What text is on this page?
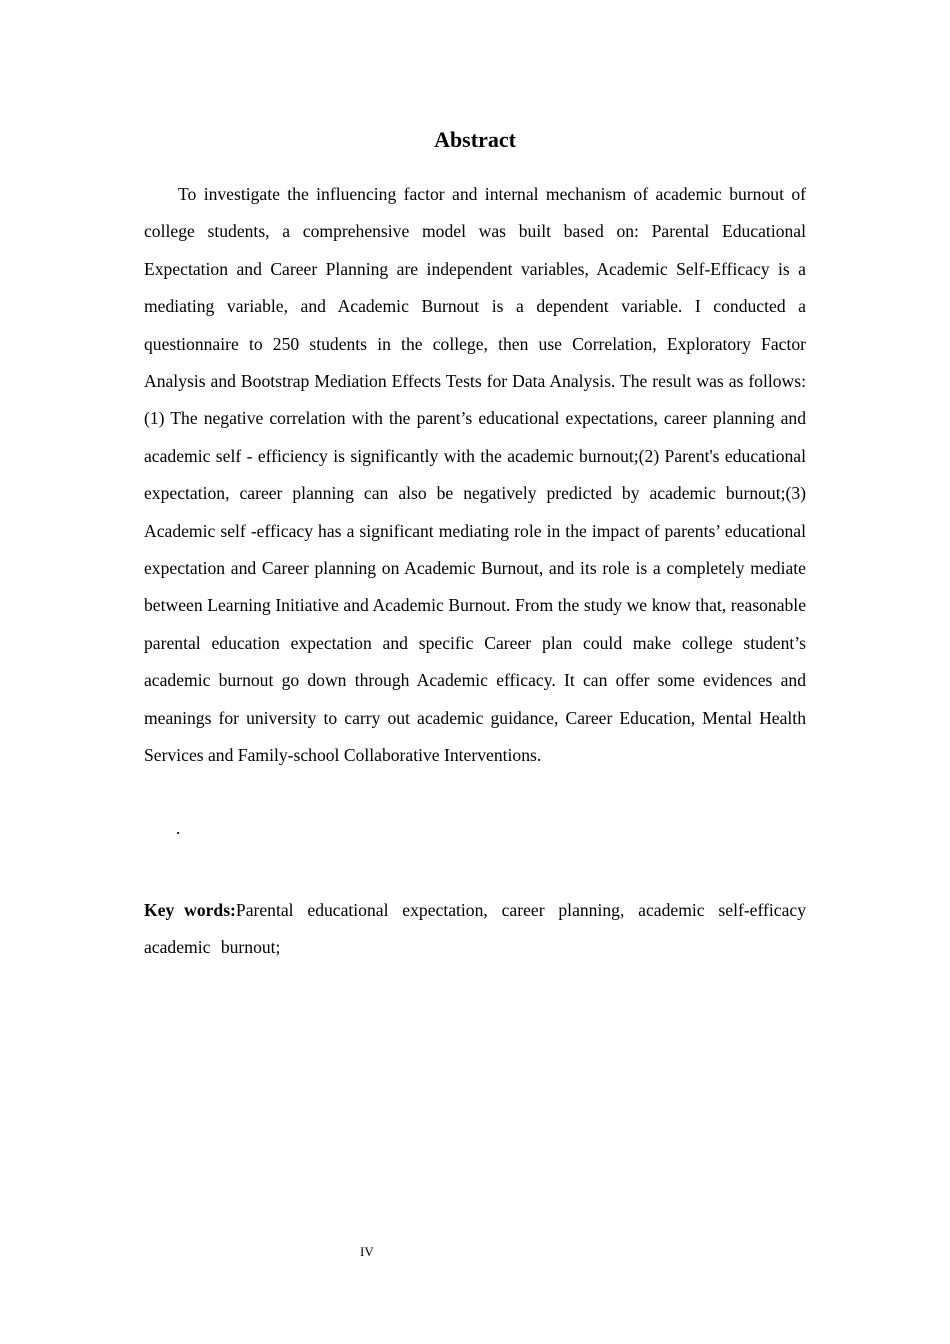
Abstract

To investigate the influencing factor and internal mechanism of academic burnout of college students, a comprehensive model was built based on: Parental Educational Expectation and Career Planning are independent variables, Academic Self-Efficacy is a mediating variable, and Academic Burnout is a dependent variable. I conducted a questionnaire to 250 students in the college, then use Correlation, Exploratory Factor Analysis and Bootstrap Mediation Effects Tests for Data Analysis. The result was as follows:(1) The negative correlation with the parent’s educational expectations, career planning and academic self - efficiency is significantly with the academic burnout;(2) Parent's educational expectation, career planning can also be negatively predicted by academic burnout;(3) Academic self -efficacy has a significant mediating role in the impact of parents’ educational expectation and Career planning on Academic Burnout, and its role is a completely mediate between Learning Initiative and Academic Burnout. From the study we know that, reasonable parental education expectation and specific Career plan could make college student’s academic burnout go down through Academic efficacy. It can offer some evidences and meanings for university to carry out academic guidance, Career Education, Mental Health Services and Family-school Collaborative Interventions.

.

Key words:Parental educational expectation, career planning, academic self-efficacy academic burnout;

IV
